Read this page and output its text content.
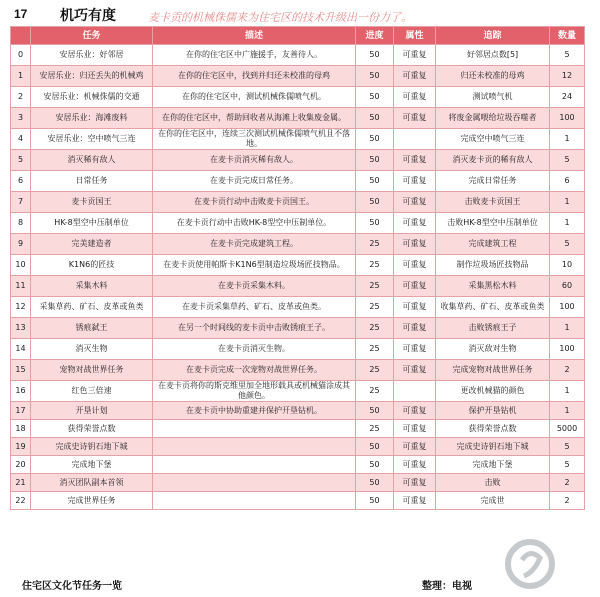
17 机巧有度	麦卡贡的机械侏儒来为住宅区的技术升级出一份力了。
	任务	描述	进度	属性	追踪	数量
0	安居乐业：好邻居	在你的住宅区中广施援手，友善待人。	50	可重复	好邻居点数[5]	5
1	安居乐业：归还丢失的机械鸡	在你的住宅区中，找到并归还未校准的母鸡	50	可重复	归还未校准的母鸡	12
2	安居乐业：机械侏儒的交通	在你的住宅区中，测试机械侏儒喷气机。	50	可重复	测试喷气机	24
3	安居乐业：海滩废料	在你的住宅区中，帮助回收者从海滩上收集废金属。	50	可重复	将废金属喂给垃圾吞噬者	100
4	安居乐业：空中喷气三连	在你的住宅区中，连续三次测试机械侏儒喷气机且不落地。	50		完成空中喷气三连	1
5	消灭稀有敌人	在麦卡贡消灭稀有敌人。	50	可重复	消灭麦卡贡的稀有敌人	5
6	日常任务	在麦卡贡完成日常任务。	50	可重复	完成日常任务	6
7	麦卡贡国王	在麦卡贡行动中击败麦卡贡国王。	50	可重复	击败麦卡贡国王	1
8	HK-8型空中压制单位	在麦卡贡行动中击败HK-8型空中压制单位。	50	可重复	击败HK-8型空中压制单位	1
9	完美建造者	在麦卡贡完成建筑工程。	25	可重复	完成建筑工程	5
10	K1N6的匠技	在麦卡贡使用帕斯卡K1N6型制造垃圾场匠技物品。	25	可重复	制作垃圾场匠技物品	10
11	采集木料	在麦卡贡采集木料。	25	可重复	采集黑松木料	60
12	采集草药、矿石、皮革或鱼类	在麦卡贡采集草药、矿石、皮革或鱼类。	25	可重复	收集草药、矿石、皮革或鱼类	100
13	锈痕弑王	在另一个时间线的麦卡贡中击败锈痕王子。	25	可重复	击败锈痕王子	1
14	消灭生物	在麦卡贡消灭生物。	25	可重复	消灭敌对生物	100
15	宠物对战世界任务	在麦卡贡完成一次宠物对战世界任务。	25	可重复	完成宠物对战世界任务	2
16	红色三倍速	在麦卡贡将你的斯克维里加全地形载具或机械猫涂成其他颜色。	25		更改机械猫的颜色	1
17	开垦计划	在麦卡贡中协助重建并保护开垦钻机。	50	可重复	保护开垦钻机	1
18	获得荣誉点数		25	可重复	获得荣誉点数	5000
19	完成史诗钥石地下城		50	可重复	完成史诗钥石地下城	5
20	完成地下堡		50	可重复	完成地下堡	5
21	消灭团队副本首领		50	可重复	击败	2
22	完成世界任务		50	可重复	完成世	2
住宅区文化节任务一览	整理：电视
